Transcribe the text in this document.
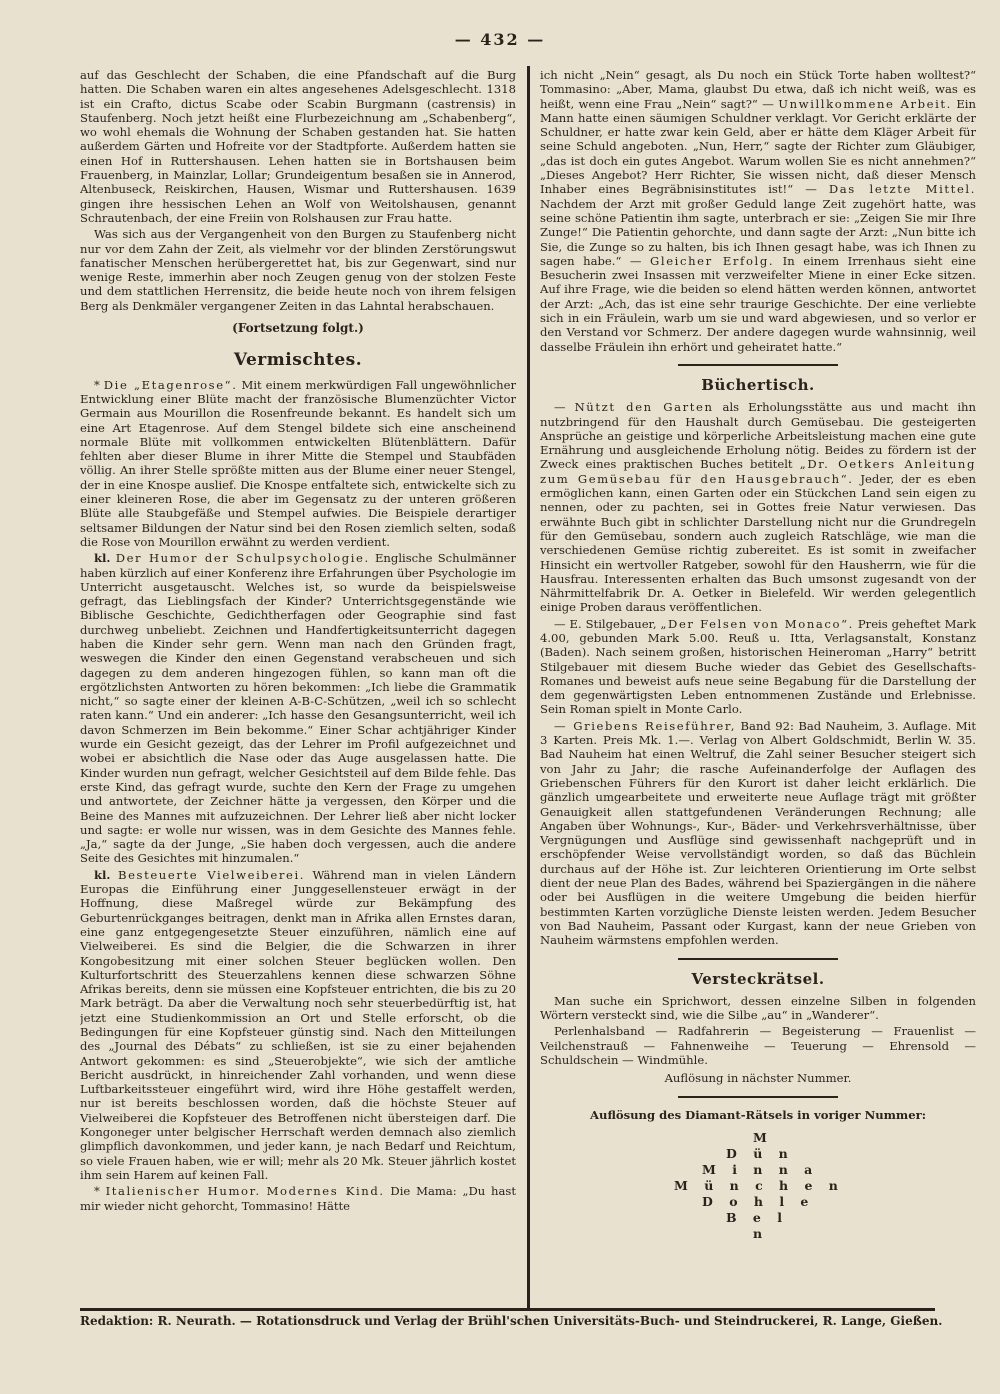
— 432 —

auf das Geschlecht der Schaben, die eine Pfandschaft auf die Burg hatten. Die Schaben waren ein altes angesehenes Adelsgeschlecht. 1318 ist ein Crafto, dictus Scabe oder Scabin Burgmann (castrensis) in Staufenberg. Noch jetzt heißt eine Flurbezeichnung am „Schabenberg“, wo wohl ehemals die Wohnung der Schaben gestanden hat. Sie hatten außerdem Gärten und Hofreite vor der Stadtpforte. Außerdem hatten sie einen Hof in Ruttershausen. Lehen hatten sie in Bortshausen beim Frauenberg, in Mainzlar, Lollar; Grundeigentum besaßen sie in Annerod, Altenbuseck, Reiskirchen, Hausen, Wismar und Ruttershausen. 1639 gingen ihre hessischen Lehen an Wolf von Weitolshausen, genannt Schrautenbach, der eine Freiin von Rolshausen zur Frau hatte.

Was sich aus der Vergangenheit von den Burgen zu Staufenberg nicht nur vor dem Zahn der Zeit, als vielmehr vor der blinden Zerstörungswut fanatischer Menschen herübergerettet hat, bis zur Gegenwart, sind nur wenige Reste, immerhin aber noch Zeugen genug von der stolzen Feste und dem stattlichen Herrensitz, die beide heute noch von ihrem felsigen Berg als Denkmäler vergangener Zeiten in das Lahntal herabschauen.

(Fortsetzung folgt.)
Vermischtes.

* Die „Etagenrose“. Mit einem merkwürdigen Fall ungewöhnlicher Entwicklung einer Blüte macht der französische Blumenzüchter Victor Germain aus Mourillon die Rosenfreunde bekannt. Es handelt sich um eine Art Etagenrose. Auf dem Stengel bildete sich eine anscheinend normale Blüte mit vollkommen entwickelten Blütenblättern. Dafür fehlten aber dieser Blume in ihrer Mitte die Stempel und Staubfäden völlig. An ihrer Stelle sprößte mitten aus der Blume einer neuer Stengel, der in eine Knospe auslief. Die Knospe entfaltete sich, entwickelte sich zu einer kleineren Rose, die aber im Gegensatz zu der unteren größeren Blüte alle Staubgefäße und Stempel aufwies. Die Beispiele derartiger seltsamer Bildungen der Natur sind bei den Rosen ziemlich selten, sodaß die Rose von Mourillon erwähnt zu werden verdient.

kl. Der Humor der Schulpsychologie. Englische Schulmänner haben kürzlich auf einer Konferenz ihre Erfahrungen über Psychologie im Unterricht ausgetauscht. Welches ist, so wurde da beispielsweise gefragt, das Lieblingsfach der Kinder? Unterrichtsgegenstände wie Biblische Geschichte, Gedichtherfagen oder Geographie sind fast durchweg unbeliebt. Zeichnen und Handfertigkeitsunterricht dagegen haben die Kinder sehr gern. Wenn man nach den Gründen fragt, weswegen die Kinder den einen Gegenstand verabscheuen und sich dagegen zu dem anderen hingezogen fühlen, so kann man oft die ergötzlichsten Antworten zu hören bekommen: „Ich liebe die Grammatik nicht,“ so sagte einer der kleinen A-B-C-Schützen, „weil ich so schlecht raten kann.“ Und ein anderer: „Ich hasse den Gesangsunterricht, weil ich davon Schmerzen im Bein bekomme.“ Einer Schar achtjähriger Kinder wurde ein Gesicht gezeigt, das der Lehrer im Profil aufgezeichnet und wobei er absichtlich die Nase oder das Auge ausgelassen hatte. Die Kinder wurden nun gefragt, welcher Gesichtsteil auf dem Bilde fehle. Das erste Kind, das gefragt wurde, suchte den Kern der Frage zu umgehen und antwortete, der Zeichner hätte ja vergessen, den Körper und die Beine des Mannes mit aufzuzeichnen. Der Lehrer ließ aber nicht locker und sagte: er wolle nur wissen, was in dem Gesichte des Mannes fehle. „Ja,“ sagte da der Junge, „Sie haben doch vergessen, auch die andere Seite des Gesichtes mit hinzumalen.“

kl. Besteuerte Vielweiberei. Während man in vielen Ländern Europas die Einführung einer Junggesellensteuer erwägt in der Hoffnung, diese Maßregel würde zur Bekämpfung des Geburtenrückganges beitragen, denkt man in Afrika allen Ernstes daran, eine ganz entgegengesetzte Steuer einzuführen, nämlich eine auf Vielweiberei. Es sind die Belgier, die die Schwarzen in ihrer Kongobesitzung mit einer solchen Steuer beglücken wollen. Den Kulturfortschritt des Steuerzahlens kennen diese schwarzen Söhne Afrikas bereits, denn sie müssen eine Kopfsteuer entrichten, die bis zu 20 Mark beträgt. Da aber die Verwaltung noch sehr steuerbedürftig ist, hat jetzt eine Studienkommission an Ort und Stelle erforscht, ob die Bedingungen für eine Kopfsteuer günstig sind. Nach den Mitteilungen des „Journal des Débats“ zu schließen, ist sie zu einer bejahenden Antwort gekommen: es sind „Steuerobjekte“, wie sich der amtliche Bericht ausdrückt, in hinreichender Zahl vorhanden, und wenn diese Luftbarkeitssteuer eingeführt wird, wird ihre Höhe gestaffelt werden, nur ist bereits beschlossen worden, daß die höchste Steuer auf Vielweiberei die Kopfsteuer des Betroffenen nicht übersteigen darf. Die Kongoneger unter belgischer Herrschaft werden demnach also ziemlich glimpflich davonkommen, und jeder kann, je nach Bedarf und Reichtum, so viele Frauen haben, wie er will; mehr als 20 Mk. Steuer jährlich kostet ihm sein Harem auf keinen Fall.

* Italienischer Humor. Modernes Kind. Die Mama: „Du hast mir wieder nicht gehorcht, Tommasino! Hätte

ich nicht „Nein“ gesagt, als Du noch ein Stück Torte haben wolltest?“ Tommasino: „Aber, Mama, glaubst Du etwa, daß ich nicht weiß, was es heißt, wenn eine Frau „Nein“ sagt?“ — Unwillkommene Arbeit. Ein Mann hatte einen säumigen Schuldner verklagt. Vor Gericht erklärte der Schuldner, er hatte zwar kein Geld, aber er hätte dem Kläger Arbeit für seine Schuld angeboten. „Nun, Herr,“ sagte der Richter zum Gläubiger, „das ist doch ein gutes Angebot. Warum wollen Sie es nicht annehmen?“ „Dieses Angebot? Herr Richter, Sie wissen nicht, daß dieser Mensch Inhaber eines Begräbnisinstitutes ist!“ — Das letzte Mittel. Nachdem der Arzt mit großer Geduld lange Zeit zugehört hatte, was seine schöne Patientin ihm sagte, unterbrach er sie: „Zeigen Sie mir Ihre Zunge!“ Die Patientin gehorchte, und dann sagte der Arzt: „Nun bitte ich Sie, die Zunge so zu halten, bis ich Ihnen gesagt habe, was ich Ihnen zu sagen habe.“ — Gleicher Erfolg. In einem Irrenhaus sieht eine Besucherin zwei Insassen mit verzweifelter Miene in einer Ecke sitzen. Auf ihre Frage, wie die beiden so elend hätten werden können, antwortet der Arzt: „Ach, das ist eine sehr traurige Geschichte. Der eine verliebte sich in ein Fräulein, warb um sie und ward abgewiesen, und so verlor er den Verstand vor Schmerz. Der andere dagegen wurde wahnsinnig, weil dasselbe Fräulein ihn erhört und geheiratet hatte.“

Büchertisch.

— Nützt den Garten als Erholungsstätte aus und macht ihn nutzbringend für den Haushalt durch Gemüsebau. Die gesteigerten Ansprüche an geistige und körperliche Arbeitsleistung machen eine gute Ernährung und ausgleichende Erholung nötig. Beides zu fördern ist der Zweck eines praktischen Buches betitelt „Dr. Oetkers Anleitung zum Gemüsebau für den Hausgebrauch“. Jeder, der es eben ermöglichen kann, einen Garten oder ein Stückchen Land sein eigen zu nennen, oder zu pachten, sei in Gottes freie Natur verwiesen. Das erwähnte Buch gibt in schlichter Darstellung nicht nur die Grundregeln für den Gemüsebau, sondern auch zugleich Ratschläge, wie man die verschiedenen Gemüse richtig zubereitet. Es ist somit in zweifacher Hinsicht ein wertvoller Ratgeber, sowohl für den Hausherrn, wie für die Hausfrau. Interessenten erhalten das Buch umsonst zugesandt von der Nährmittelfabrik Dr. A. Oetker in Bielefeld. Wir werden gelegentlich einige Proben daraus veröffentlichen.

— E. Stilgebauer, „Der Felsen von Monaco“. Preis geheftet Mark 4.00, gebunden Mark 5.00. Reuß u. Itta, Verlagsanstalt, Konstanz (Baden). Nach seinem großen, historischen Heineroman „Harry“ betritt Stilgebauer mit diesem Buche wieder das Gebiet des Gesellschafts-Romanes und beweist aufs neue seine Begabung für die Darstellung der dem gegenwärtigsten Leben entnommenen Zustände und Erlebnisse. Sein Roman spielt in Monte Carlo.

— Griebens Reiseführer, Band 92: Bad Nauheim, 3. Auflage. Mit 3 Karten. Preis Mk. 1.—. Verlag von Albert Goldschmidt, Berlin W. 35. Bad Nauheim hat einen Weltruf, die Zahl seiner Besucher steigert sich von Jahr zu Jahr; die rasche Aufeinanderfolge der Auflagen des Griebenschen Führers für den Kurort ist daher leicht erklärlich. Die gänzlich umgearbeitete und erweiterte neue Auflage trägt mit größter Genauigkeit allen stattgefundenen Veränderungen Rechnung; alle Angaben über Wohnungs-, Kur-, Bäder- und Verkehrsverhältnisse, über Vergnügungen und Ausflüge sind gewissenhaft nachgeprüft und in erschöpfender Weise vervollständigt worden, so daß das Büchlein durchaus auf der Höhe ist. Zur leichteren Orientierung im Orte selbst dient der neue Plan des Bades, während bei Spaziergängen in die nähere oder bei Ausflügen in die weitere Umgebung die beiden hierfür bestimmten Karten vorzügliche Dienste leisten werden. Jedem Besucher von Bad Nauheim, Passant oder Kurgast, kann der neue Grieben von Nauheim wärmstens empfohlen werden.

Versteckrätsel.

Man suche ein Sprichwort, dessen einzelne Silben in folgenden Wörtern versteckt sind, wie die Silbe „au“ in „Wanderer“.

Perlenhalsband — Radfahrerin — Begeisterung — Frauenlist — Veilchenstrauß — Fahnenweihe — Teuerung — Ehrensold — Schuldschein — Windmühle.

Auflösung in nächster Nummer.
Auflösung des Diamant-Rätsels in voriger Nummer:
M
D ü n
M i n n a
M ü n c h e n
D o h l e
B e l
n
Redaktion: R. Neurath. — Rotationsdruck und Verlag der Brühl'schen Universitäts-Buch- und Steindruckerei, R. Lange, Gießen.
